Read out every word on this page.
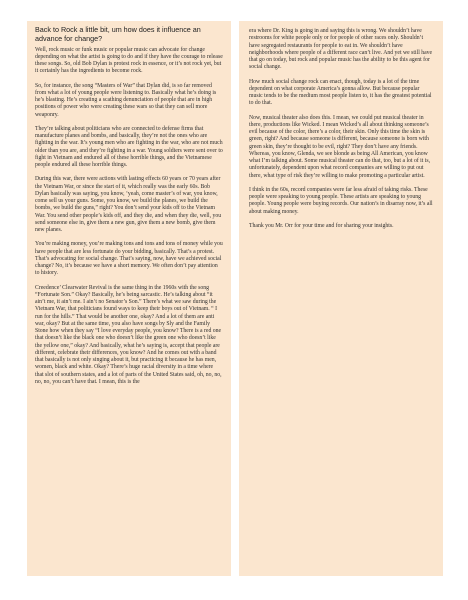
Back to Rock a little bit, um how does it influence an advance for change?

Well, rock music or funk music or popular music can advocate for change depending on what the artist is going to do and if they have the courage to release these songs. So, old Bob Dylan is protest rock in essence, or it’s not rock yet, but it certainly has the ingredients to become rock.

So, for instance, the song “Masters of War” that Dylan did, is so far removed from what a lot of young people were listening to. Basically what he’s doing is he’s blasting. He’s creating a scathing denunciation of people that are in high positions of power who were creating these wars so that they can sell more weaponry.

They’re talking about politicians who are connected to defense firms that manufacture planes and bombs, and basically, they’re not the ones who are fighting in the war. It’s young men who are fighting in the war, who are not much older than you are, and they’re fighting in a war. Young soldiers were sent over to fight in Vietnam and endured all of these horrible things, and the Vietnamese people endured all these horrible things.

During this war, there were actions with lasting effects 60 years or 70 years after the Vietnam War, or since the start of it, which really was the early 60s. Bob Dylan basically was saying, you know, ‘yeah, come master’s of war, you know, come sell us your guns. Some, you know, we build the planes, we build the bombs, we build the guns,” right? You don’t send your kids off to the Vietnam War. You send other people’s kids off, and they die, and when they die, well, you send someone else in, give them a new gun, give them a new bomb, give them new planes.

You’re making money, you’re making tons and tons and tons of money while you have people that are less fortunate do your bidding, basically. That’s a protest. That’s advocating for social change. That’s saying, now, have we achieved social change? No, it’s because we have a short memory. We often don’t pay attention to history.

Creedence’ Clearwater Revival is the same thing in the 1960s with the song “Fortunate Son.” Okay? Basically, he’s being sarcastic. He’s talking about “it ain’t me, it ain’t me. I ain’t no Senator’s Son.” There’s what we saw during the Vietnam War, that politicians found ways to keep their boys out of Vietnam. “ I run for the hills.” That would be another one, okay? And a lot of them are anti war, okay? But at the same time, you also have songs by Sly and the Family Stone how when they say “I love everyday people, you know? There is a red one that doesn’t like the black one who doesn’t like the green one who doesn’t like the yellow one,” okay? And basically, what he’s saying is, accept that people are different, celebrate their differences, you know? And he comes out with a band that basically is not only singing about it, but practicing it because he has men, women, black and white. Okay? There’s huge racial diversity in a time where that slot of southern states, and a lot of parts of the United States said, oh, no, no, no, no, you can’t have that. I mean, this is the

era where Dr. King is going in and saying this is wrong. We shouldn’t have restrooms for white people only or for people of other races only. Shouldn’t have segregated restaurants for people to eat in. We shouldn’t have neighborhoods where people of a different race can’t live. And yet we still have that go on today, but rock and popular music has the ability to be this agent for social change.

How much social change rock can enact, though, today is a lot of the time dependent on what corporate America’s gonna allow. But because popular music tends to be the medium most people listen to, it has the greatest potential to do that.

Now, musical theater also does this. I mean, we could put musical theater in there, productions like Wicked. I mean Wicked’s all about thinking someone’s evil because of the color, there’s a color, their skin. Only this time the skin is green, right? And because someone is different, because someone is born with green skin, they’re thought to be evil, right? They don’t have any friends. Whereas, you know, Glenda, we see blonde as being All American, you know what I’m talking about. Some musical theater can do that, too, but a lot of it is, unfortunately, dependent upon what record companies are willing to put out there, what type of risk they’re willing to make promoting a particular artist.

I think in the 60s, record companies were far less afraid of taking risks. These people were speaking to young people. These artists are speaking to young people. Young people were buying records. Our nation’s in disarray now, it’s all about making money.

Thank you Mr. Orr for your time and for sharing your insights.
